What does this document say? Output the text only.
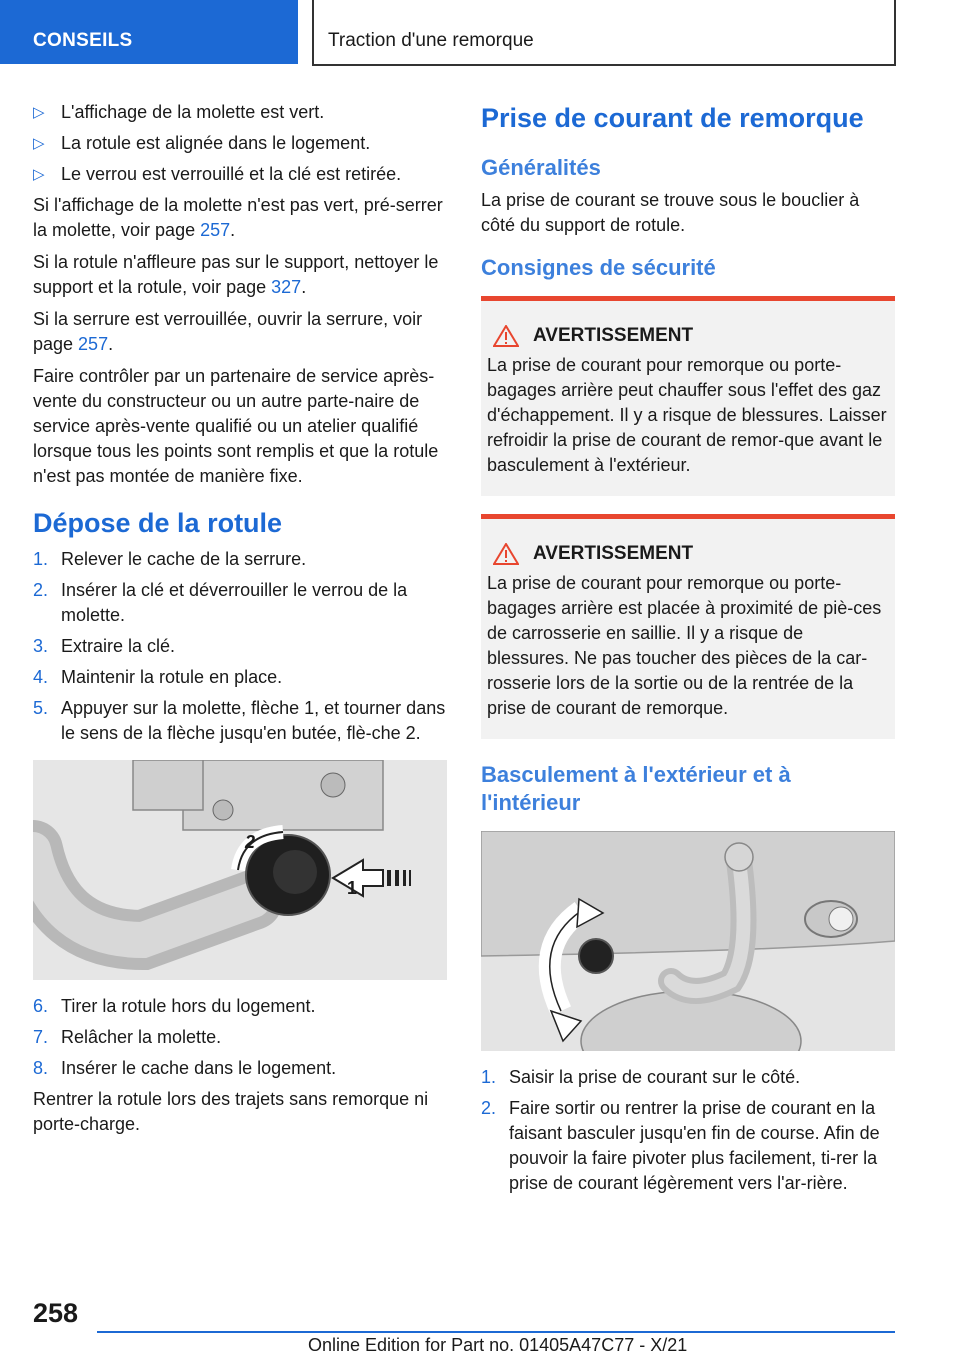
CONSEILS	Traction d'une remorque
▷ L'affichage de la molette est vert.
▷ La rotule est alignée dans le logement.
▷ Le verrou est verrouillé et la clé est retirée.

Si l'affichage de la molette n'est pas vert, pré‐serrer la molette, voir page 257.

Si la rotule n'affleure pas sur le support, nettoyer le support et la rotule, voir page 327.

Si la serrure est verrouillée, ouvrir la serrure, voir page 257.

Faire contrôler par un partenaire de service après-vente du constructeur ou un autre parte‐naire de service après-vente qualifié ou un atelier qualifié lorsque tous les points sont remplis et que la rotule n'est pas montée de manière fixe.

Dépose de la rotule
1. Relever le cache de la serrure.
2. Insérer la clé et déverrouiller le verrou de la molette.
3. Extraire la clé.
4. Maintenir la rotule en place.
5. Appuyer sur la molette, flèche 1, et tourner dans le sens de la flèche jusqu'en butée, flè‐che 2.
2
1
6. Tirer la rotule hors du logement.
7. Relâcher la molette.
8. Insérer le cache dans le logement.

Rentrer la rotule lors des trajets sans remorque ni porte-charge.

Prise de courant de remorque
Généralités

La prise de courant se trouve sous le bouclier à côté du support de rotule.

Consignes de sécurité
AVERTISSEMENT

La prise de courant pour remorque ou porte-bagages arrière peut chauffer sous l'effet des gaz d'échappement. Il y a risque de blessures. Laisser refroidir la prise de courant de remor‐que avant le basculement à l'extérieur.

AVERTISSEMENT

La prise de courant pour remorque ou porte-bagages arrière est placée à proximité de piè‐ces de carrosserie en saillie. Il y a risque de blessures. Ne pas toucher des pièces de la car‐rosserie lors de la sortie ou de la rentrée de la prise de courant de remorque.

Basculement à l'extérieur et à l'intérieur
1. Saisir la prise de courant sur le côté.
2. Faire sortir ou rentrer la prise de courant en la faisant basculer jusqu'en fin de course. Afin de pouvoir la faire pivoter plus facilement, ti‐rer la prise de courant légèrement vers l'ar‐rière.
258
Online Edition for Part no. 01405A47C77 - X/21
